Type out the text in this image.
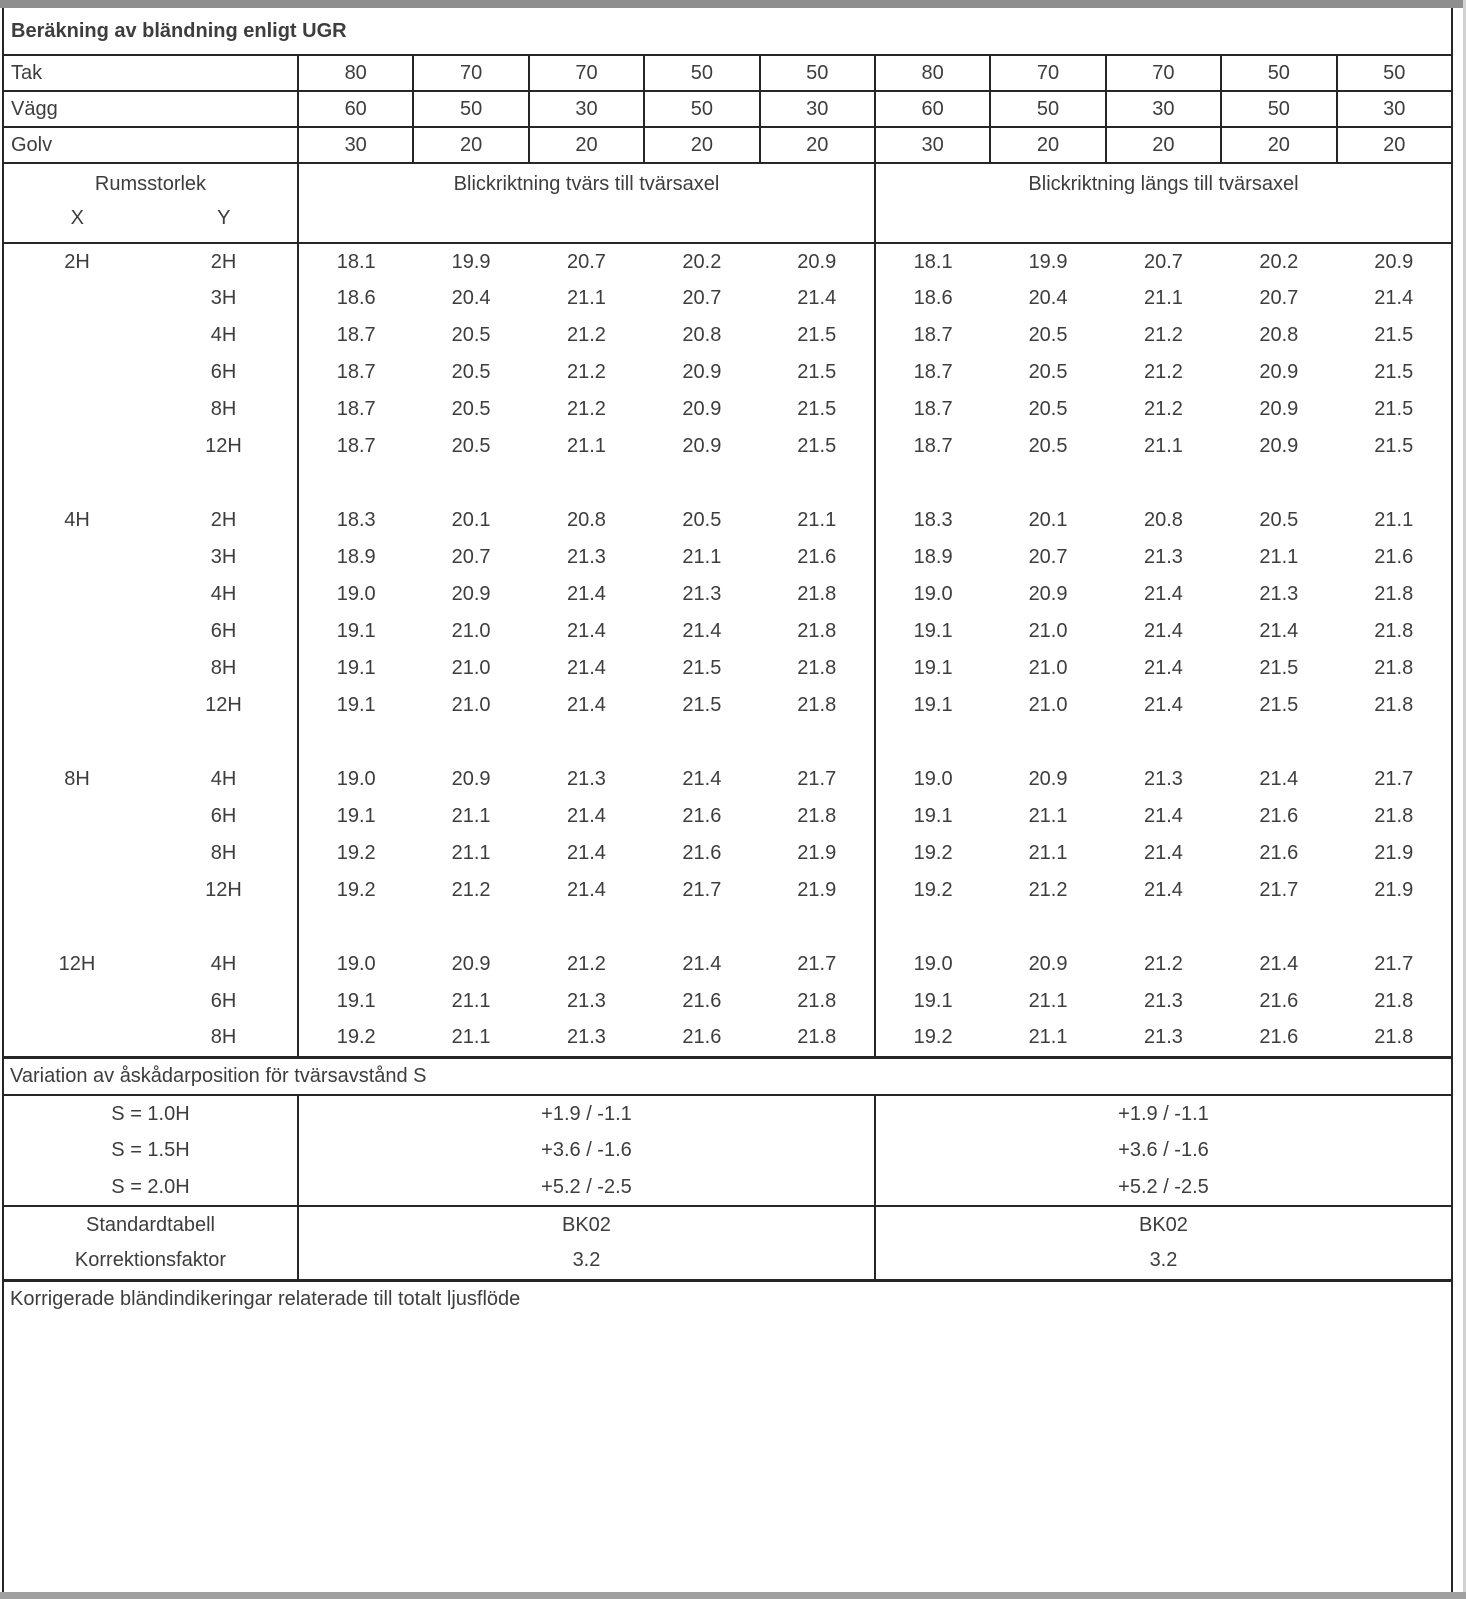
Beräkning av bländning enligt UGR											
Tak		80	70	70	50	50	80	70	70	50	50
Vägg		60	50	30	50	30	60	50	30	50	30
Golv		30	20	20	20	20	30	20	20	20	20

Rumsstorlek
X Y		Blickriktning tvärs till tvärsaxel					Blickriktning längs till tvärsaxel				
2H	2H	18.1	19.9	20.7	20.2	20.9	18.1	19.9	20.7	20.2	20.9
	3H	18.6	20.4	21.1	20.7	21.4	18.6	20.4	21.1	20.7	21.4
	4H	18.7	20.5	21.2	20.8	21.5	18.7	20.5	21.2	20.8	21.5
	6H	18.7	20.5	21.2	20.9	21.5	18.7	20.5	21.2	20.9	21.5
	8H	18.7	20.5	21.2	20.9	21.5	18.7	20.5	21.2	20.9	21.5
	12H	18.7	20.5	21.1	20.9	21.5	18.7	20.5	21.1	20.9	21.5

4H	2H	18.3	20.1	20.8	20.5	21.1	18.3	20.1	20.8	20.5	21.1
	3H	18.9	20.7	21.3	21.1	21.6	18.9	20.7	21.3	21.1	21.6
	4H	19.0	20.9	21.4	21.3	21.8	19.0	20.9	21.4	21.3	21.8
	6H	19.1	21.0	21.4	21.4	21.8	19.1	21.0	21.4	21.4	21.8
	8H	19.1	21.0	21.4	21.5	21.8	19.1	21.0	21.4	21.5	21.8
	12H	19.1	21.0	21.4	21.5	21.8	19.1	21.0	21.4	21.5	21.8

8H	4H	19.0	20.9	21.3	21.4	21.7	19.0	20.9	21.3	21.4	21.7
	6H	19.1	21.1	21.4	21.6	21.8	19.1	21.1	21.4	21.6	21.8
	8H	19.2	21.1	21.4	21.6	21.9	19.2	21.1	21.4	21.6	21.9
	12H	19.2	21.2	21.4	21.7	21.9	19.2	21.2	21.4	21.7	21.9

12H	4H	19.0	20.9	21.2	21.4	21.7	19.0	20.9	21.2	21.4	21.7
	6H	19.1	21.1	21.3	21.6	21.8	19.1	21.1	21.3	21.6	21.8
	8H	19.2	21.1	21.3	21.6	21.8	19.2	21.1	21.3	21.6	21.8
Variation av åskådarposition för tvärsavstånd S											
S = 1.0H		+1.9 / -1.1					+1.9 / -1.1				
S = 1.5H		+3.6 / -1.6					+3.6 / -1.6				
S = 2.0H		+5.2 / -2.5					+5.2 / -2.5				
Standardtabell		BK02					BK02				
Korrektionsfaktor		3.2					3.2				
Korrigerade bländindikeringar relaterade till totalt ljusflöde											
